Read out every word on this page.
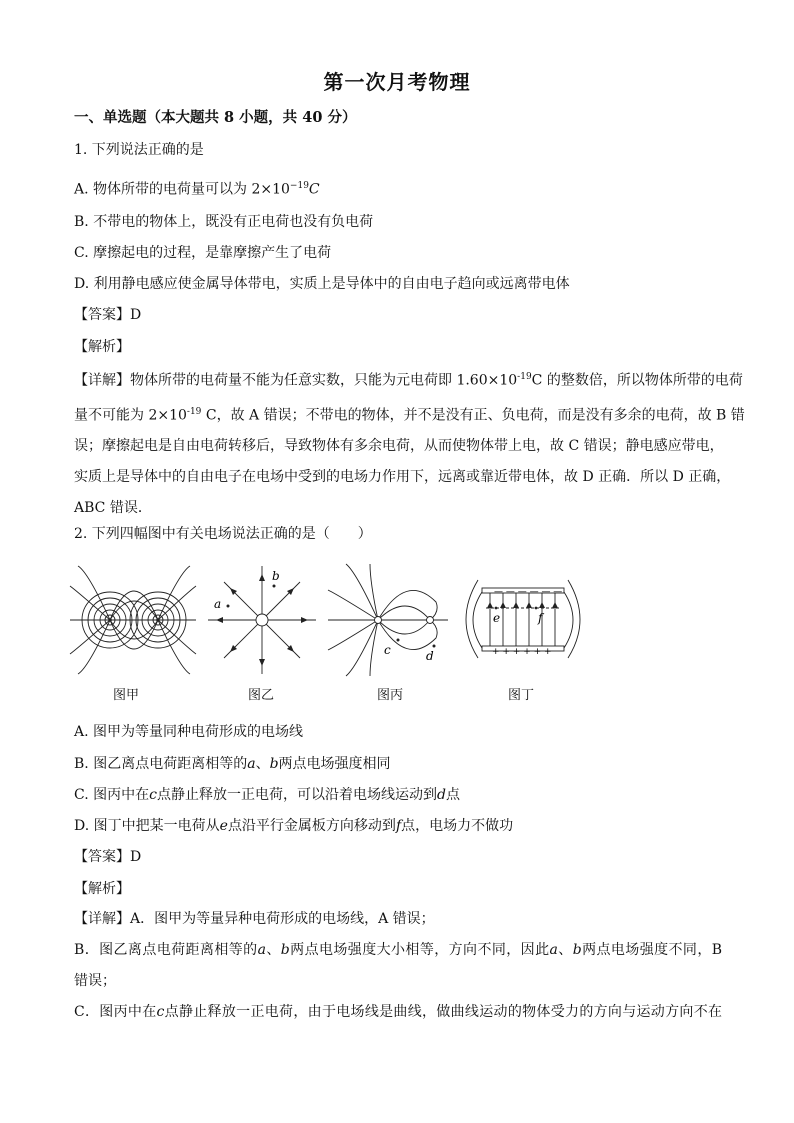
第一次月考物理
一、单选题（本大题共 8 小题，共 40 分）
1. 下列说法正确的是
A. 物体所带的电荷量可以为 $2\times 10^{-19}C$
B. 不带电的物体上，既没有正电荷也没有负电荷
C. 摩擦起电的过程，是靠摩擦产生了电荷
D. 利用静电感应使金属导体带电，实质上是导体中的自由电子趋向或远离带电体
【答案】D
【解析】
【详解】物体所带的电荷量不能为任意实数，只能为元电荷即 $1.60\times 10^{-19}C$ 的整数倍，所以物体所带的电荷
量不可能为 $2\times 10^{-19}$ C，故 A 错误；不带电的物体，并不是没有正、负电荷，而是没有多余的电荷，故 B 错
误；摩擦起电是自由电荷转移后，导致物体有多余电荷，从而使物体带上电，故 C 错误；静电感应带电，
实质上是导体中的自由电子在电场中受到的电场力作用下，远离或靠近带电体，故 D 正确．所以 D 正确，
ABC 错误．
2. 下列四幅图中有关电场说法正确的是（　　）
a
b
c	d
— — — — — —
+ + + + + +
e	f
图甲	图乙	图丙	图丁
A. 图甲为等量同种电荷形成的电场线
B. 图乙离点电荷距离相等的a、b两点电场强度相同
C. 图丙中在c点静止释放一正电荷，可以沿着电场线运动到d点
D. 图丁中把某一电荷从e点沿平行金属板方向移动到f点，电场力不做功
【答案】D
【解析】
【详解】A．图甲为等量异种电荷形成的电场线，A 错误；
B．图乙离点电荷距离相等的a、b两点电场强度大小相等，方向不同，因此a、b两点电场强度不同，B
错误；
C．图丙中在c点静止释放一正电荷，由于电场线是曲线，做曲线运动的物体受力的方向与运动方向不在
